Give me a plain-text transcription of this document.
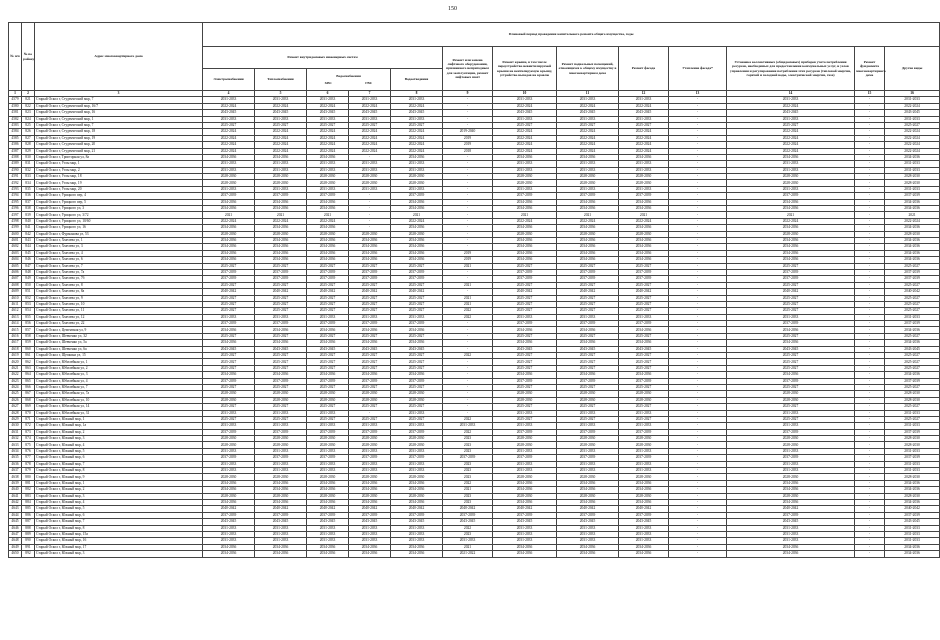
150
№ п/п	№ по району	Адрес многоквартирного дома	Плановый период проведения капитального ремонта общего имущества, годы												
			Ремонт внутридомовых инженерных систем					Ремонт или замена лифтового оборудования, признанного непригодным для эксплуатации, ремонт лифтовых шахт	Ремонт крыши, в том числе переустройство невентилируемой крыши на вентилируемую крышу, устройство выходов на кровлю	Ремонт подвальных помещений, относящихся к общему имуществу в многоквартирном доме	Ремонт фасада	Утепление фасада*	Установка коллективных (общедомовых) приборов учета потребления ресурсов, необходимых для предоставления коммунальных услуг, и узлов управления и регулирования потребления этих ресурсов (тепловой энергии, горячей и холодной воды, электрической энергии, газа)	Ремонт фундамента многоквартирного дома	Другие виды
			Электроснабжения	Теплоснабжения	Водоснабжения
ХВС ГВС		Водоотведения								
1	2	3	4	5	6	7	8	9	10	11	12	13	14	15	16
4579	821	Старый Оскол г, Студенческий мкр, 7	2031-2033	2031-2033	2031-2033	2031-2033	2031-2033	-	2031-2033	2031-2033	2031-2033	-	2031-2033	-	2031-2033
4580	822	Старый Оскол г, Студенческий мкр, 16/7	2022-2024	2022-2024	2022-2024	2022-2024	2022-2024	-	2022-2024	2022-2024	2022-2024	-	2022-2024	-	2022-2024
4581	823	Старый Оскол г, Студенческий мкр, 16	2043-2045	2043-2045	2043-2045	2043-2045	2043-2045	-	2043-2045	2043-2045	2043-2045	-	2043-2045	-	2043-2045
4582	824	Старый Оскол г, Студенческий мкр, 1	2031-2033	2031-2033	2031-2033	2031-2033	2031-2033	-	2031-2033	2031-2033	2031-2033	-	2031-2033	-	2031-2033
4583	825	Старый Оскол г, Студенческий мкр, 7	2025-2027	2025-2027	2025-2027	2025-2027	2025-2027	-	2025-2027	2025-2027	2025-2027	-	2025-2027	-	2025-2027
4584	826	Старый Оскол г, Студенческий мкр, 18	2022-2024	2022-2024	2022-2024	2022-2024	2022-2024	2019-2040	2022-2024	2022-2024	2022-2024	-	2022-2024	-	2022-2024
4585	827	Старый Оскол г, Студенческий мкр, 19	2022-2024	2022-2024	2022-2024	2022-2024	2022-2024	2019	2022-2024	2022-2024	2022-2024	-	2022-2024	-	2022-2024
4586	828	Старый Оскол г, Студенческий мкр, 20	2022-2024	2022-2024	2022-2024	2022-2024	2022-2024	2019	2022-2024	2022-2024	2022-2024	-	2022-2024	-	2022-2024
4587	829	Старый Оскол г, Студенческий мкр, 21	2022-2024	2022-2024	2022-2024	2022-2024	2022-2024	2018	2022-2024	2022-2024	2022-2024	-	2022-2024	-	2022-2024
4588	830	Старый Оскол г, Триоторная ул, 8а	2034-2036	2034-2036	2034-2036	-	2034-2036	-	2034-2036	2034-2036	2034-2036	-	2034-2036	-	2034-2036
4589	831	Старый Оскол г, Углы мкр, 1	2031-2033	2031-2033	2031-2033	2031-2033	2031-2033	-	2031-2033	2031-2033	2031-2033	-	2031-2033	-	2031-2033
4590	832	Старый Оскол г, Углы мкр, 2	2031-2033	2031-2033	2031-2033	2031-2033	2031-2033	-	2031-2033	2031-2033	2031-2033	-	2031-2033	-	2031-2033
4591	833	Старый Оскол г, Углы мкр, 18	2028-2030	2028-2030	2028-2030	2028-2030	2028-2030	-	2028-2030	2028-2030	2028-2030	-	2028-2030	-	2028-2030
4592	834	Старый Оскол г, Углы мкр, 19	2028-2030	2028-2030	2028-2030	2028-2030	2028-2030	-	2028-2030	2028-2030	2028-2030	-	2028-2030	-	2028-2030
4593	835	Старый Оскол г, Углы мкр, 20	2031-2033	2031-2033	2031-2033	2031-2033	2031-2033	-	2031-2033	2031-2033	2031-2033	-	2031-2033	-	2031-2033
4594	836	Старый Оскол г, Урицкого пер, 4	2037-2039	2037-2039	2037-2039	-	2037-2039	-	2037-2039	2037-2039	2037-2039	-	2037-2039	-	2037-2039
4595	837	Старый Оскол г, Урицкого пер, 5	2034-2036	2034-2036	2034-2036	-	2034-2036	-	2034-2036	2034-2036	2034-2036	-	2034-2036	-	2034-2036
4596	838	Старый Оскол г, Урицкого ул, 3	2034-2036	2034-2036	2034-2036	-	2034-2036	-	2034-2036	2034-2036	2034-2036	-	2034-2036	-	2034-2036
4597	839	Старый Оскол г, Урицкого ул, 3/72	2021	2021	2021	-	2021	-	2021	2021	2021	-	2021	-	2021
4598	840	Старый Оскол г, Урицкого ул, 10/60	2022-2024	2022-2024	2022-2024	-	2022-2024	-	2022-2024	2022-2024	2022-2024	-	2022-2024	-	2022-2024
4599	841	Старый Оскол г, Урицкого ул, 16	2034-2036	2034-2036	2034-2036	-	2034-2036	-	2034-2036	2034-2036	2034-2036	-	2034-2036	-	2034-2036
4600	842	Старый Оскол г, Фурманова ул, 53	2028-2030	2028-2030	2028-2030	2028-2030	2028-2030	-	2028-2030	2028-2030	2028-2030	-	2028-2030	-	2028-2030
4601	843	Старый Оскол г, Хмелева ул, 1	2034-2036	2034-2036	2034-2036	2034-2036	2034-2036	-	2034-2036	2034-2036	2034-2036	-	2034-2036	-	2034-2036
4602	844	Старый Оскол г, Хмелева ул, 3	2034-2036	2034-2036	2034-2036	2034-2036	2034-2036	-	2034-2036	2034-2036	2034-2036	-	2034-2036	-	2034-2036
4603	845	Старый Оскол г, Хмелева ул, 4	2034-2036	2034-2036	2034-2036	2034-2036	2034-2036	2019	2034-2036	2034-2036	2034-2036	-	2034-2036	-	2034-2036
4604	846	Старый Оскол г, Хмелева ул, 6	2034-2036	2034-2036	2034-2036	2034-2036	2034-2036	2019	2034-2036	2034-2036	2034-2036	-	2034-2036	-	2034-2036
4605	847	Старый Оскол г, Хмелева ул, 7	2025-2027	2025-2027	2025-2027	2025-2027	2025-2027	2021	2025-2027	2025-2027	2025-2027	-	2025-2027	-	2025-2027
4606	848	Старый Оскол г, Хмелева ул, 7а	2037-2039	2037-2039	2037-2039	2037-2039	2037-2039	-	2037-2039	2037-2039	2037-2039	-	2037-2039	-	2037-2039
4607	849	Старый Оскол г, Хмелева ул, 7б	2037-2039	2037-2039	2037-2039	2037-2039	2037-2039	-	2037-2039	2037-2039	2037-2039	-	2037-2039	-	2037-2039
4608	850	Старый Оскол г, Хмелева ул, 8	2025-2027	2025-2027	2025-2027	2025-2027	2025-2027	2021	2025-2027	2025-2027	2025-2027	-	2025-2027	-	2025-2027
4609	851	Старый Оскол г, Хмелева ул, 8а	2040-2042	2040-2042	2040-2042	2040-2042	2040-2042	-	2040-2042	2040-2042	2040-2042	-	2040-2042	-	2040-2042
4610	852	Старый Оскол г, Хмелева ул, 9	2025-2027	2025-2027	2025-2027	2025-2027	2025-2027	2021	2025-2027	2025-2027	2025-2027	-	2025-2027	-	2025-2027
4611	853	Старый Оскол г, Хмелева ул, 10	2025-2027	2025-2027	2025-2027	2025-2027	2025-2027	2021	2025-2027	2025-2027	2025-2027	-	2025-2027	-	2025-2027
4612	854	Старый Оскол г, Хмелева ул, 11	2025-2027	2025-2027	2025-2027	2025-2027	2025-2027	2022	2025-2027	2025-2027	2025-2027	-	2025-2027	-	2025-2027
4613	855	Старый Оскол г, Хмелева ул, 12	2031-2033	2031-2033	2031-2033	2031-2033	2031-2033	2022	2031-2033	2031-2033	2031-2033	-	2031-2033	-	2031-2033
4614	856	Старый Оскол г, Хмелева ул, 22	2037-2039	2037-2039	2037-2039	2037-2039	2037-2039	-	2037-2039	2037-2039	2037-2039	-	2037-2039	-	2037-2039
4615	857	Старый Оскол г, Цементная ул, 9	2034-2036	2034-2036	2034-2036	2034-2036	2034-2036	-	2034-2036	2034-2036	2034-2036	-	2034-2036	-	2034-2036
4616	858	Старый Оскол г, Шевченко ул, 32	2025-2027	2025-2027	2025-2027	2025-2027	2025-2027	-	2025-2027	2025-2027	2025-2027	-	2025-2027	-	2025-2027
4617	859	Старый Оскол г, Шевченко ул, 5а	2034-2036	2034-2036	2034-2036	2034-2036	2034-2036	-	2034-2036	2034-2036	2034-2036	-	2034-2036	-	2034-2036
4618	860	Старый Оскол г, Шевченко ул, 6а	2043-2045	2043-2045	2043-2045	2043-2045	2043-2045	-	2043-2045	2043-2045	2043-2045	-	2043-2045	-	2043-2045
4619	861	Старый Оскол г, Щепкина ул, 15	2025-2027	2025-2027	2025-2027	2025-2027	2025-2027	2022	2025-2027	2025-2027	2025-2027	-	2025-2027	-	2025-2027
4620	862	Старый Оскол г, Юбилейная ул, 1	2025-2027	2025-2027	2025-2027	2025-2027	2025-2027	-	2025-2027	2025-2027	2025-2027	-	2025-2027	-	2025-2027
4621	863	Старый Оскол г, Юбилейная ул, 2	2025-2027	2025-2027	2025-2027	2025-2027	2025-2027	-	2025-2027	2025-2027	2025-2027	-	2025-2027	-	2025-2027
4622	864	Старый Оскол г, Юбилейная ул, 3	2034-2036	2034-2036	2034-2036	2034-2036	2034-2036	-	2034-2036	2034-2036	2034-2036	-	2034-2036	-	2034-2036
4623	865	Старый Оскол г, Юбилейная ул, 4	2037-2039	2037-2039	2037-2039	2037-2039	2037-2039	-	2037-2039	2037-2039	2037-2039	-	2037-2039	-	2037-2039
4624	866	Старый Оскол г, Юбилейная ул, 7	2025-2027	2025-2027	2025-2027	2025-2027	2025-2027	-	2025-2027	2025-2027	2025-2027	-	2025-2027	-	2025-2027
4625	867	Старый Оскол г, Юбилейная ул, 7а	2028-2030	2028-2030	2028-2030	2028-2030	2028-2030	-	2028-2030	2028-2030	2028-2030	-	2028-2030	-	2028-2030
4626	868	Старый Оскол г, Юбилейная ул, 10	2028-2030	2028-2030	2028-2030	2028-2030	2028-2030	-	2028-2030	2028-2030	2028-2030	-	2028-2030	-	2028-2030
4627	869	Старый Оскол г, Юбилейная ул, 14	2025-2027	2025-2027	2025-2027	2025-2027	2025-2027	-	2025-2027	2025-2027	2025-2027	-	2025-2027	-	2025-2027
4628	870	Старый Оскол г, Юбилейная ул, 31	2031-2033	2031-2033	2031-2033	-	2031-2033	-	2031-2033	2031-2033	2031-2033	-	2031-2033	-	2031-2033
4629	871	Старый Оскол г, Южный мкр, 1	2025-2027	2025-2027	2025-2027	2025-2027	2025-2027	2022	2025-2027	2025-2027	2025-2027	-	2025-2027	-	2025-2027
4630	872	Старый Оскол г, Южный мкр, 1а	2031-2033	2031-2033	2031-2033	2031-2033	2031-2033	2031-2033	2031-2033	2031-2033	2031-2033	-	2031-2033	-	2031-2033
4631	873	Старый Оскол г, Южный мкр, 2	2037-2039	2037-2039	2037-2039	2037-2039	2037-2039	2022	2037-2039	2037-2039	2037-2039	-	2037-2039	-	2037-2039
4632	874	Старый Оскол г, Южный мкр, 3	2028-2030	2028-2030	2028-2030	2028-2030	2028-2030	2023	2028-2030	2028-2030	2028-2030	-	2028-2030	-	2028-2030
4633	875	Старый Оскол г, Южный мкр, 4	2028-2030	2028-2030	2028-2030	2028-2030	2028-2030	2023	2028-2030	2028-2030	2028-2030	-	2028-2030	-	2028-2030
4634	876	Старый Оскол г, Южный мкр, 5	2031-2033	2031-2033	2031-2033	2031-2033	2031-2033	2023	2031-2033	2031-2033	2031-2033	-	2031-2033	-	2031-2033
4635	877	Старый Оскол г, Южный мкр, 6	2037-2039	2037-2039	2037-2039	2037-2039	2037-2039	2037-2039	2037-2039	2037-2039	2037-2039	-	2037-2039	-	2037-2039
4636	878	Старый Оскол г, Южный мкр, 7	2031-2033	2031-2033	2031-2033	2031-2033	2031-2033	2023	2031-2033	2031-2033	2031-2033	-	2031-2033	-	2031-2033
4637	879	Старый Оскол г, Южный мкр, 8	2031-2033	2031-2033	2031-2033	2031-2033	2031-2033	2023	2031-2033	2031-2033	2031-2033	-	2031-2033	-	2031-2033
4638	880	Старый Оскол г, Южный мкр, 9	2028-2030	2028-2030	2028-2030	2028-2030	2028-2030	2023	2028-2030	2028-2030	2028-2030	-	2028-2030	-	2028-2030
4639	881	Старый Оскол г, Южный мкр, 1	2034-2036	2034-2036	2034-2036	2034-2036	2034-2036	2022	2034-2036	2034-2036	2034-2036	-	2034-2036	-	2034-2036
4640	882	Старый Оскол г, Южный мкр, 2	2034-2036	2034-2036	2034-2036	2034-2036	2034-2036	2021	2034-2036	2034-2036	2034-2036	-	2034-2036	-	2034-2036
4641	883	Старый Оскол г, Южный мкр, 3	2028-2030	2028-2030	2028-2030	2028-2030	2028-2030	2023	2028-2030	2028-2030	2028-2030	-	2028-2030	-	2028-2030
4642	884	Старый Оскол г, Южный мкр, 4	2034-2036	2034-2036	2034-2036	2034-2036	2034-2036	2023	2034-2036	2034-2036	2034-2036	-	2034-2036	-	2034-2036
4643	885	Старый Оскол г, Южный мкр, 5	2040-2042	2040-2042	2040-2042	2040-2042	2040-2042	2040-2042	2040-2042	2040-2042	2040-2042	-	2040-2042	-	2040-2042
4644	886	Старый Оскол г, Южный мкр, 6	2037-2039	2037-2039	2037-2039	2037-2039	2037-2039	2037-2039	2037-2039	2037-2039	2037-2039	-	2037-2039	-	2037-2039
4645	887	Старый Оскол г, Южный мкр, 7	2043-2045	2043-2045	2043-2045	2043-2045	2043-2045	2043-2045	2043-2045	2043-2045	2043-2045	-	2043-2045	-	2043-2045
4646	888	Старый Оскол г, Южный мкр, 8	2031-2033	2031-2033	2031-2033	2031-2033	2031-2033	2022	2031-2033	2031-2033	2031-2033	-	2031-2033	-	2031-2033
4647	889	Старый Оскол г, Южный мкр, 15а	2031-2033	2031-2033	2031-2033	2031-2033	2031-2033	2023	2031-2033	2031-2033	2031-2033	-	2031-2033	-	2031-2033
4648	890	Старый Оскол г, Южный мкр, 16	2031-2033	2031-2033	2031-2033	2031-2033	2031-2033	2031-2033	2031-2033	2031-2033	2031-2033	-	2031-2033	-	2031-2033
4649	891	Старый Оскол г, Южный мкр, 17	2034-2036	2034-2036	2034-2036	2034-2036	2034-2036	2021	2034-2036	2034-2036	2034-2036	-	2034-2036	-	2034-2036
4650	892	Старый Оскол г, Южный мкр, 3	2034-2036	2034-2036	2034-2036	2034-2036	2034-2036	2021-2022	2034-2036	2034-2036	2034-2036	-	2034-2036	-	2034-2036
